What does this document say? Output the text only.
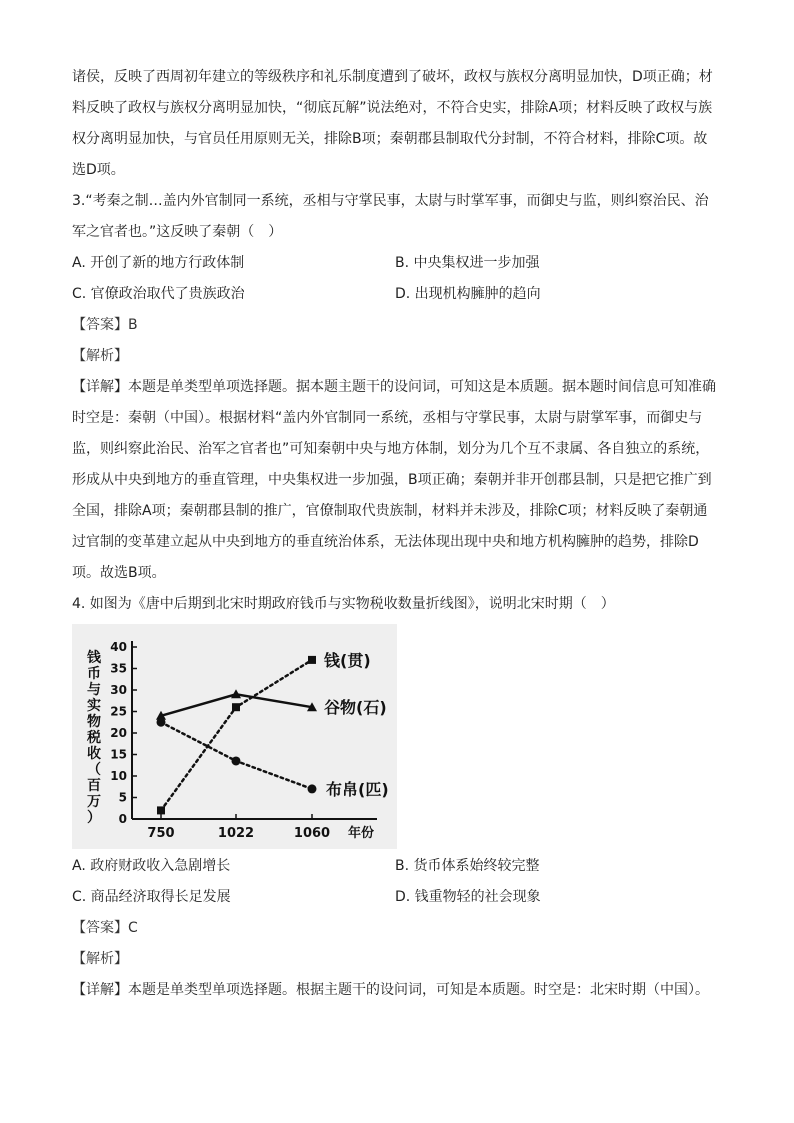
诸侯，反映了西周初年建立的等级秩序和礼乐制度遭到了破坏，政权与族权分离明显加快，D项正确；材

料反映了政权与族权分离明显加快，“彻底瓦解”说法绝对，不符合史实，排除A项；材料反映了政权与族

权分离明显加快，与官员任用原则无关，排除B项；秦朝郡县制取代分封制，不符合材料，排除C项。故

选D项。

3.“考秦之制…盖内外官制同一系统，丞相与守掌民事，太尉与时掌军事，而御史与监，则纠察治民、治

军之官者也。”这反映了秦朝（　）

A. 开创了新的地方行政体制	B. 中央集权进一步加强
C. 官僚政治取代了贵族政治	D. 出现机构臃肿的趋向

【答案】B

【解析】

【详解】本题是单类型单项选择题。据本题主题干的设问词，可知这是本质题。据本题时间信息可知准确

时空是：秦朝（中国）。根据材料“盖内外官制同一系统，丞相与守掌民事，太尉与尉掌军事，而御史与

监，则纠察此治民、治军之官者也”可知秦朝中央与地方体制，划分为几个互不隶属、各自独立的系统，

形成从中央到地方的垂直管理，中央集权进一步加强，B项正确；秦朝并非开创郡县制，只是把它推广到

全国，排除A项；秦朝郡县制的推广，官僚制取代贵族制，材料并未涉及，排除C项；材料反映了秦朝通

过官制的变革建立起从中央到地方的垂直统治体系，无法体现出现中央和地方机构臃肿的趋势，排除D

项。故选B项。

4. 如图为《唐中后期到北宋时期政府钱币与实物税收数量折线图》，说明北宋时期（　）

0
5
10
15
20
25
30
35
40
钱
币
与
实
物
税
收
（
百
万
）
750	1022	1060 年份
钱(贯)
谷物(石)
布帛(匹)
A. 政府财政收入急剧增长	B. 货币体系始终较完整
C. 商品经济取得长足发展	D. 钱重物轻的社会现象

【答案】C

【解析】

【详解】本题是单类型单项选择题。根据主题干的设问词，可知是本质题。时空是：北宋时期（中国）。
